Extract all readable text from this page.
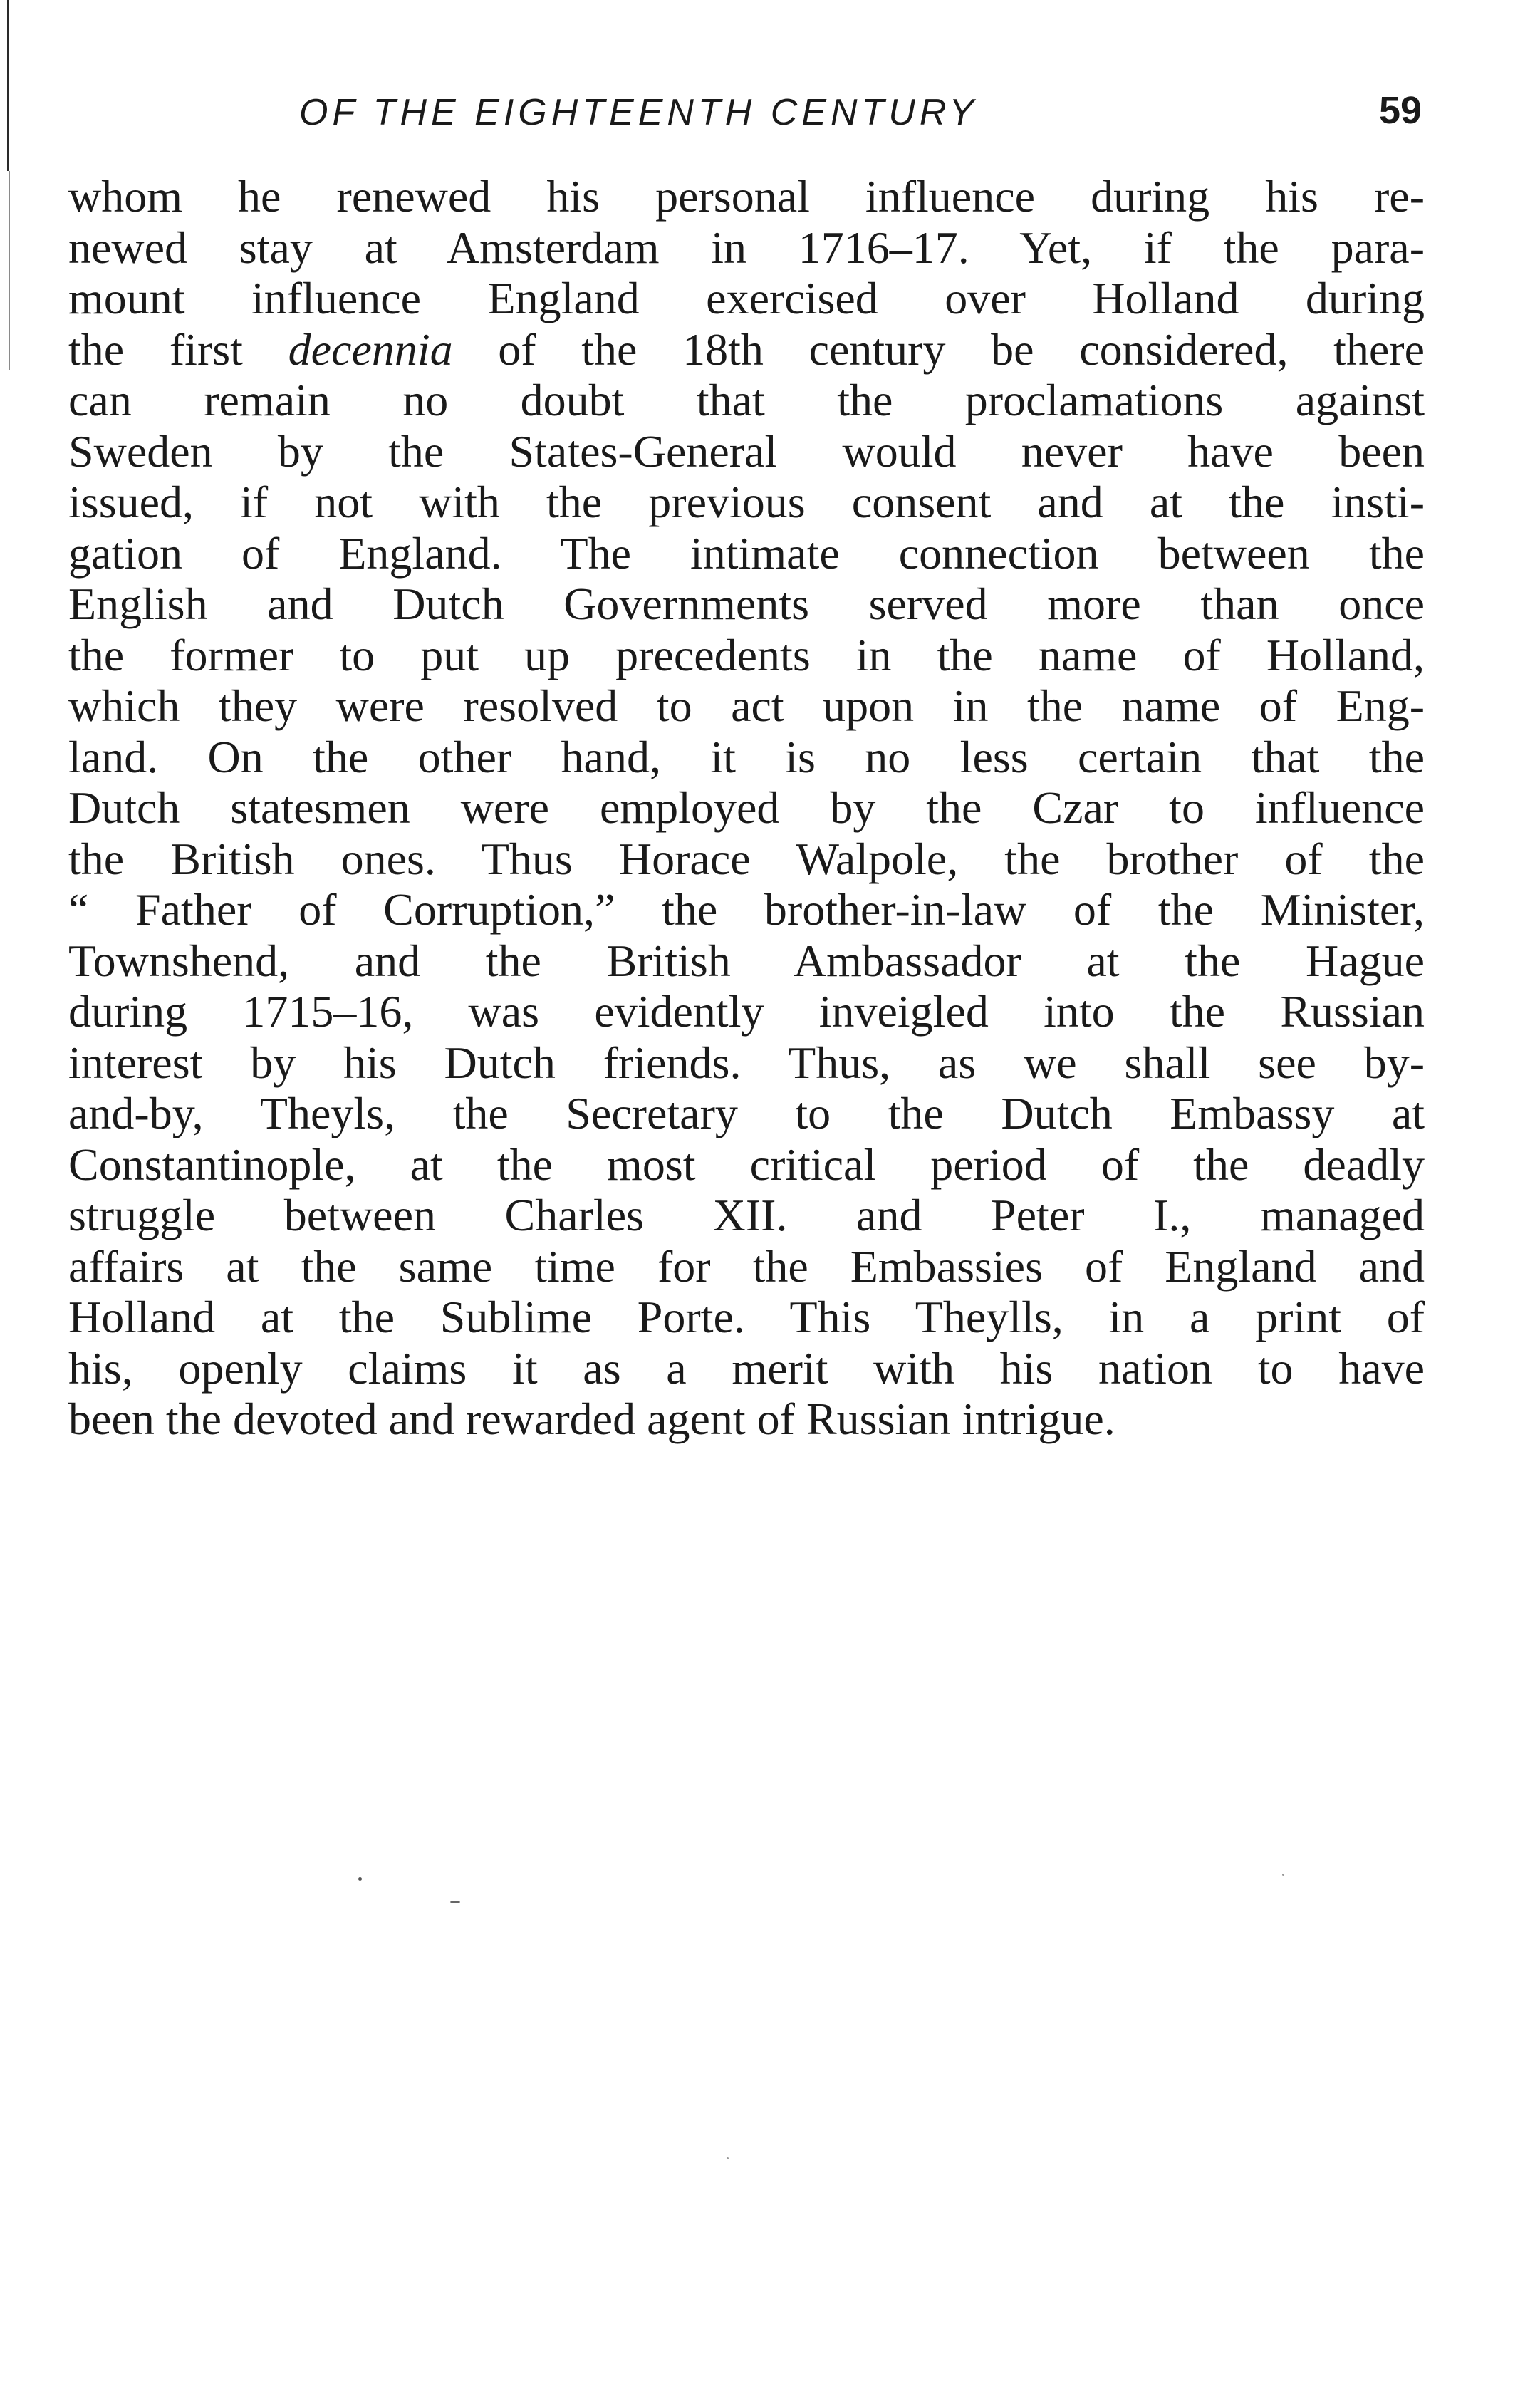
OF THE EIGHTEENTH CENTURY	59
whom he renewed his personal influence during his re-
newed stay at Amsterdam in 1716–17. Yet, if the para-
mount influence England exercised over Holland during
the first decennia of the 18th century be considered, there
can remain no doubt that the proclamations against
Sweden by the States-General would never have been
issued, if not with the previous consent and at the insti-
gation of England. The intimate connection between the
English and Dutch Governments served more than once
the former to put up precedents in the name of Holland,
which they were resolved to act upon in the name of Eng-
land. On the other hand, it is no less certain that the
Dutch statesmen were employed by the Czar to influence
the British ones. Thus Horace Walpole, the brother of the
“ Father of Corruption,” the brother-in-law of the Minister,
Townshend, and the British Ambassador at the Hague
during 1715–16, was evidently inveigled into the Russian
interest by his Dutch friends. Thus, as we shall see by-
and-by, Theyls, the Secretary to the Dutch Embassy at
Constantinople, at the most critical period of the deadly
struggle between Charles XII. and Peter I., managed
affairs at the same time for the Embassies of England and
Holland at the Sublime Porte. This Theylls, in a print of
his, openly claims it as a merit with his nation to have
been the devoted and rewarded agent of Russian intrigue.
